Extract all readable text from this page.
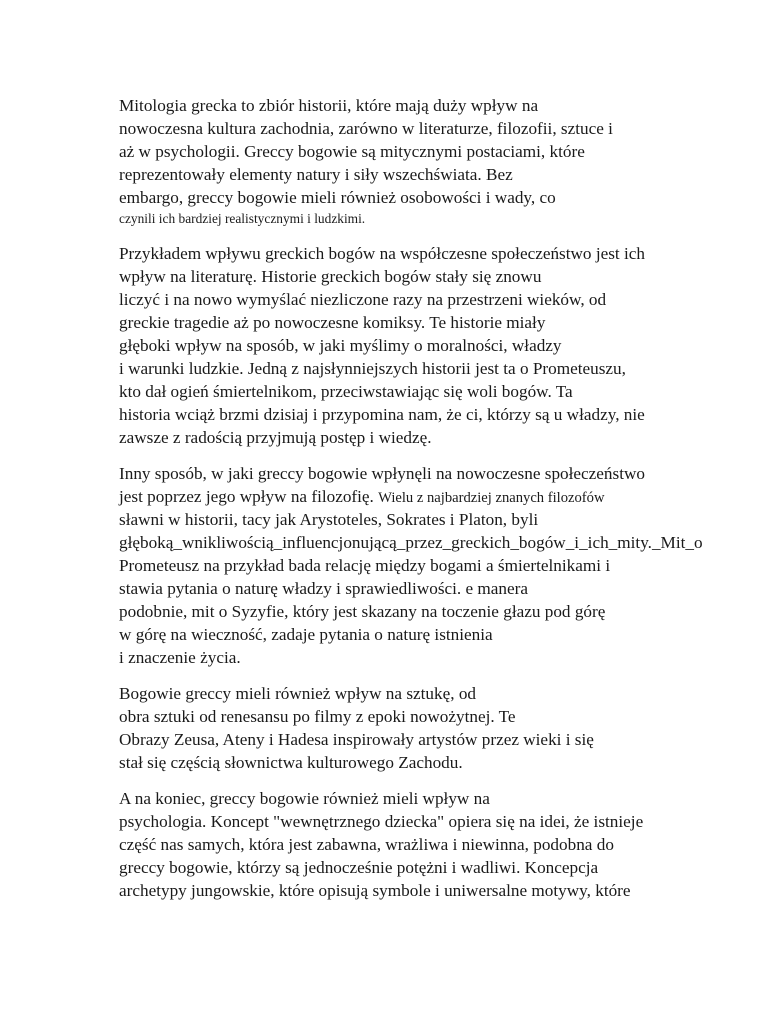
Mitologia grecka to zbiór historii, które mają duży wpływ na
nowoczesna kultura zachodnia, zarówno w literaturze, filozofii, sztuce i
aż w psychologii. Greccy bogowie są mitycznymi postaciami, które
reprezentowały elementy natury i siły wszechświata. Bez
embargo, greccy bogowie mieli również osobowości i wady, co
czynili ich bardziej realistycznymi i ludzkimi.
Przykładem wpływu greckich bogów na współczesne społeczeństwo jest ich
wpływ na literaturę. Historie greckich bogów stały się znowu
liczyć i na nowo wymyślać niezliczone razy na przestrzeni wieków, od
greckie tragedie aż po nowoczesne komiksy. Te historie miały
głęboki wpływ na sposób, w jaki myślimy o moralności, władzy
i warunki ludzkie. Jedną z najsłynniejszych historii jest ta o Prometeuszu,
kto dał ogień śmiertelnikom, przeciwstawiając się woli bogów. Ta
historia wciąż brzmi dzisiaj i przypomina nam, że ci, którzy są u władzy, nie
zawsze z radością przyjmują postęp i wiedzę.
Inny sposób, w jaki greccy bogowie wpłynęli na nowoczesne społeczeństwo
jest poprzez jego wpływ na filozofię. Wielu z najbardziej znanych filozofów
sławni w historii, tacy jak Arystoteles, Sokrates i Platon, byli
głęboką_wnikliwością_influencjonującą_przez_greckich_bogów_i_ich_mity._Mit_o
Prometeusz na przykład bada relację między bogami a śmiertelnikami i
stawia pytania o naturę władzy i sprawiedliwości. e manera
podobnie, mit o Syzyfie, który jest skazany na toczenie głazu pod górę
w górę na wieczność, zadaje pytania o naturę istnienia
i znaczenie życia.
Bogowie greccy mieli również wpływ na sztukę, od
obra sztuki od renesansu po filmy z epoki nowożytnej. Te
Obrazy Zeusa, Ateny i Hadesa inspirowały artystów przez wieki i się
stał się częścią słownictwa kulturowego Zachodu.
A na koniec, greccy bogowie również mieli wpływ na
psychologia. Koncept "wewnętrznego dziecka" opiera się na idei, że istnieje
część nas samych, która jest zabawna, wrażliwa i niewinna, podobna do
greccy bogowie, którzy są jednocześnie potężni i wadliwi. Koncepcja
archetypy jungowskie, które opisują symbole i uniwersalne motywy, które
